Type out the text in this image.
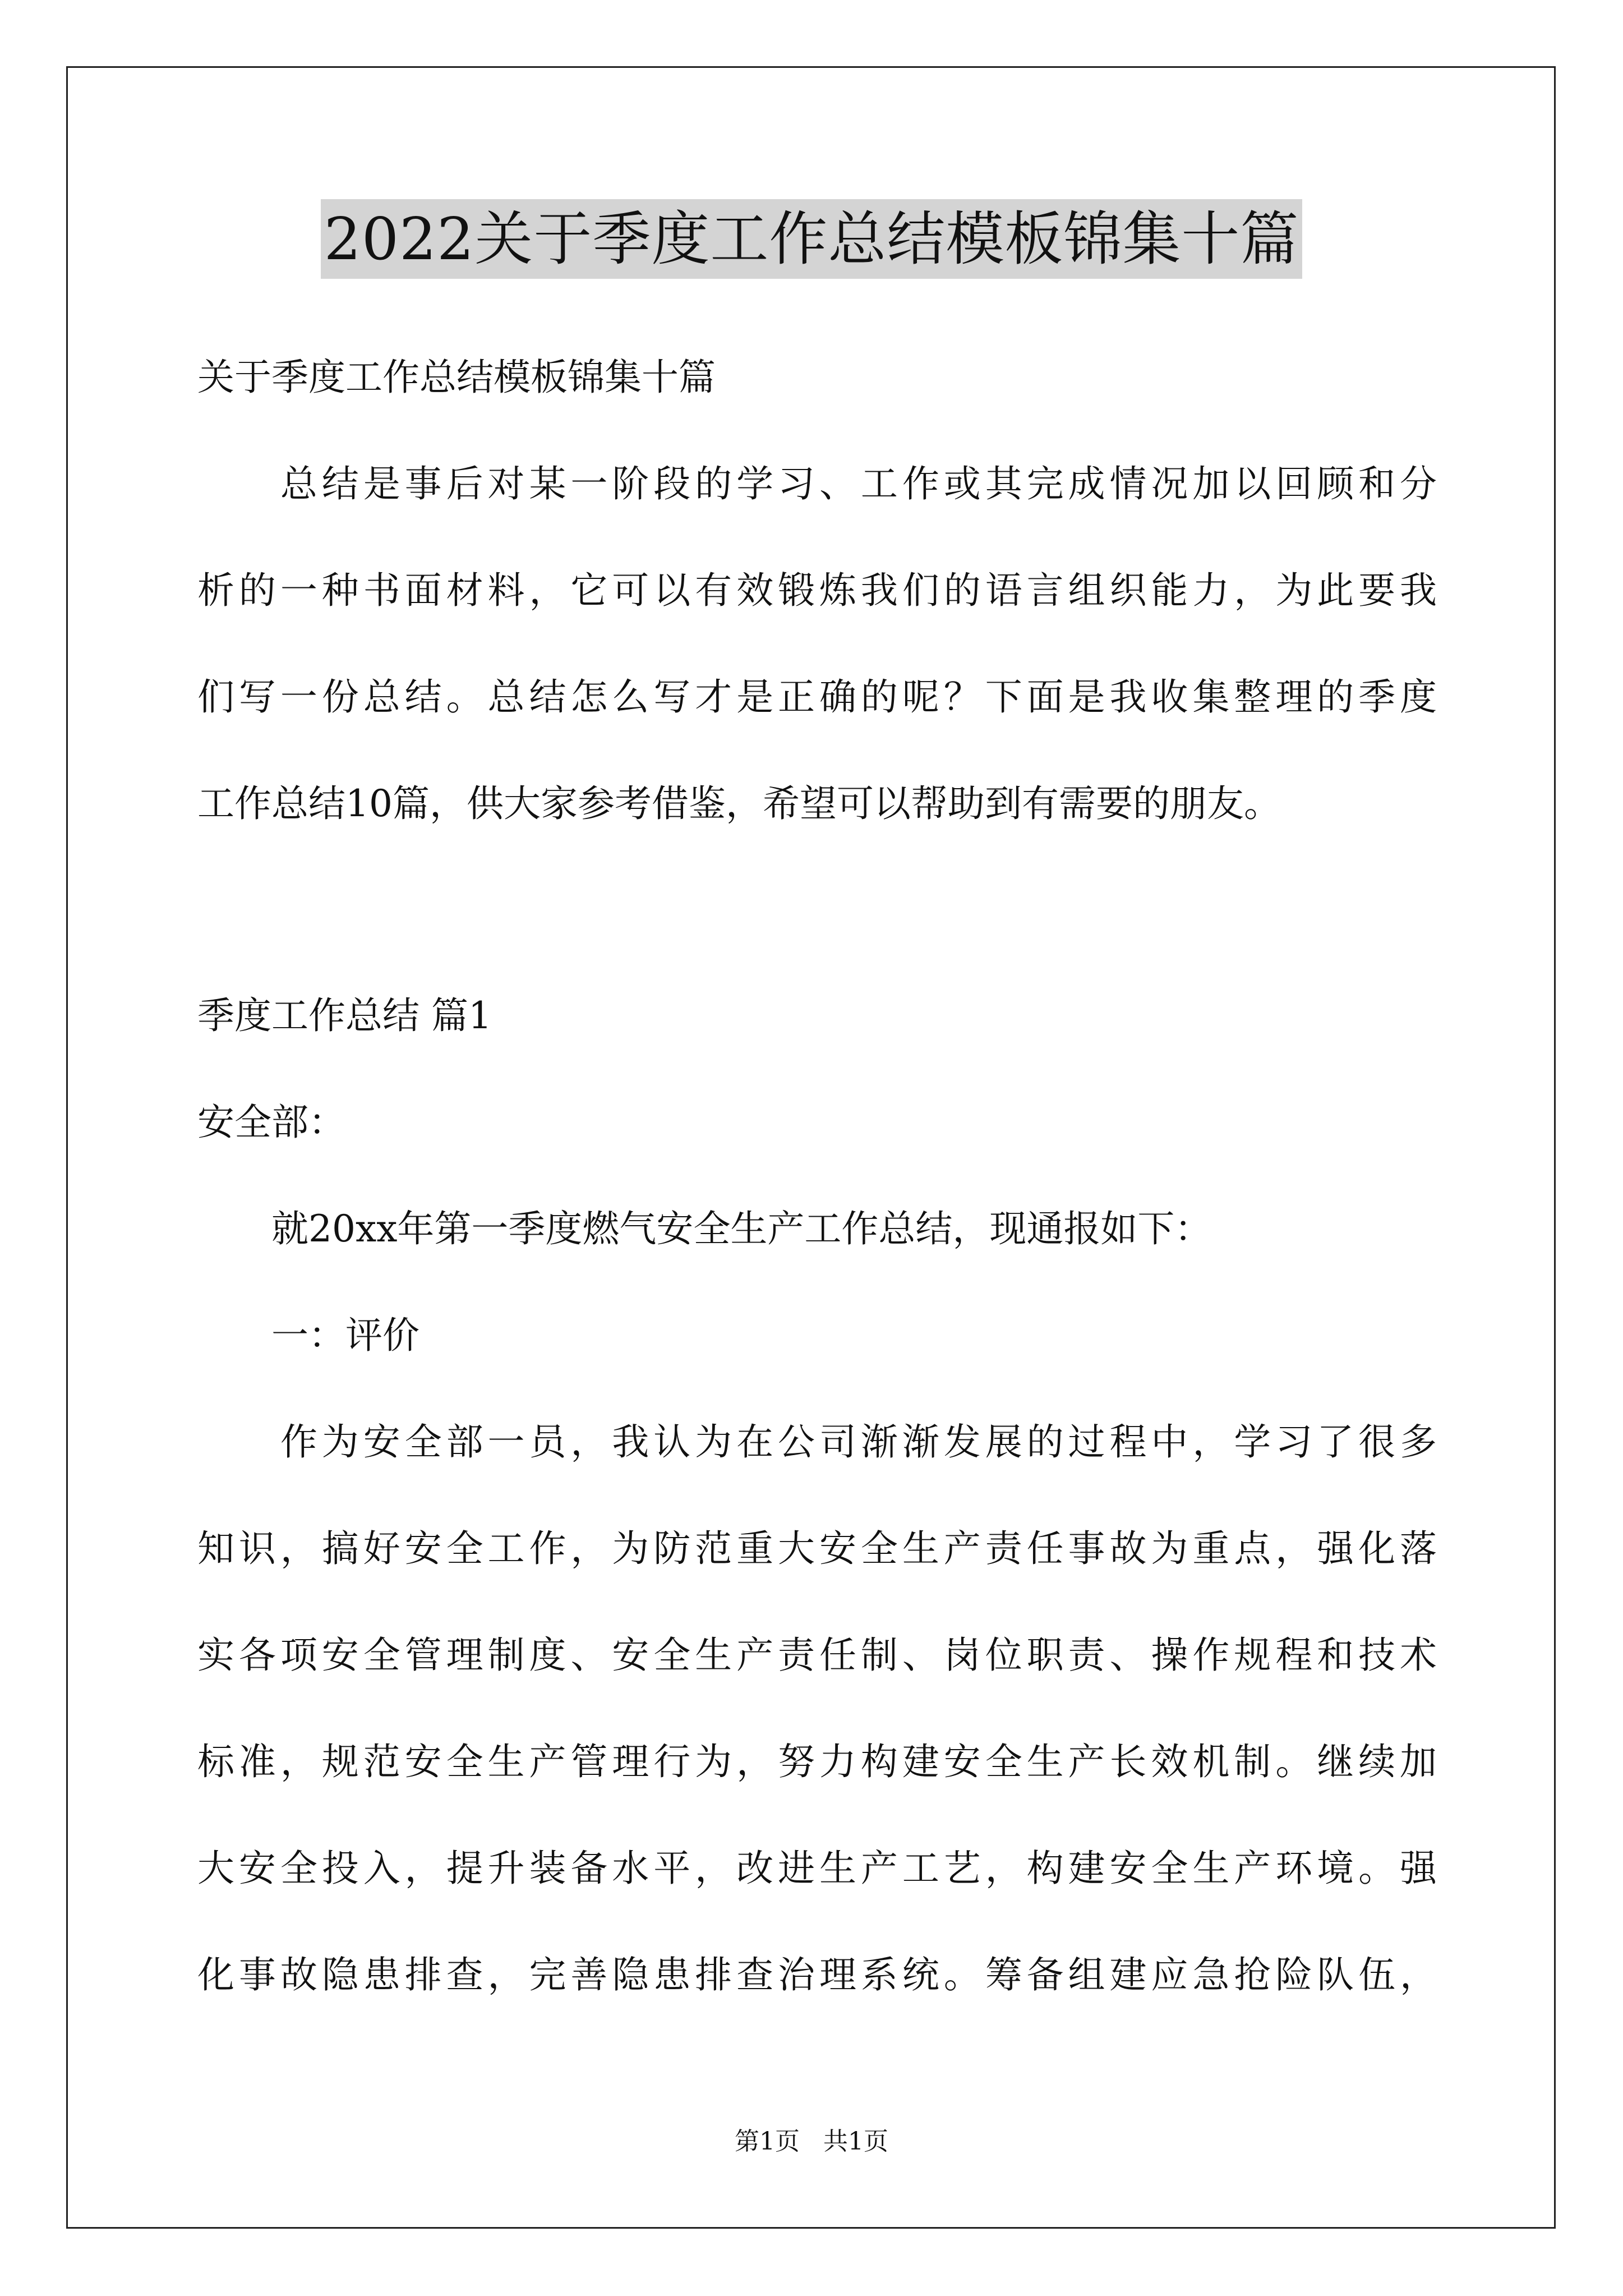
2022关于季度工作总结模板锦集十篇
关于季度工作总结模板锦集十篇
　　总结是事后对某一阶段的学习、工作或其完成情况加以回顾和分
析的一种书面材料，它可以有效锻炼我们的语言组织能力，为此要我
们写一份总结。总结怎么写才是正确的呢？下面是我收集整理的季度
工作总结10篇，供大家参考借鉴，希望可以帮助到有需要的朋友。
季度工作总结 篇1
安全部：
　　就20xx年第一季度燃气安全生产工作总结，现通报如下：
　　一：评价
　　作为安全部一员，我认为在公司渐渐发展的过程中，学习了很多
知识，搞好安全工作，为防范重大安全生产责任事故为重点，强化落
实各项安全管理制度、安全生产责任制、岗位职责、操作规程和技术
标准，规范安全生产管理行为，努力构建安全生产长效机制。继续加
大安全投入，提升装备水平，改进生产工艺，构建安全生产环境。强
化事故隐患排查，完善隐患排查治理系统。筹备组建应急抢险队伍，
第1页 共1页
